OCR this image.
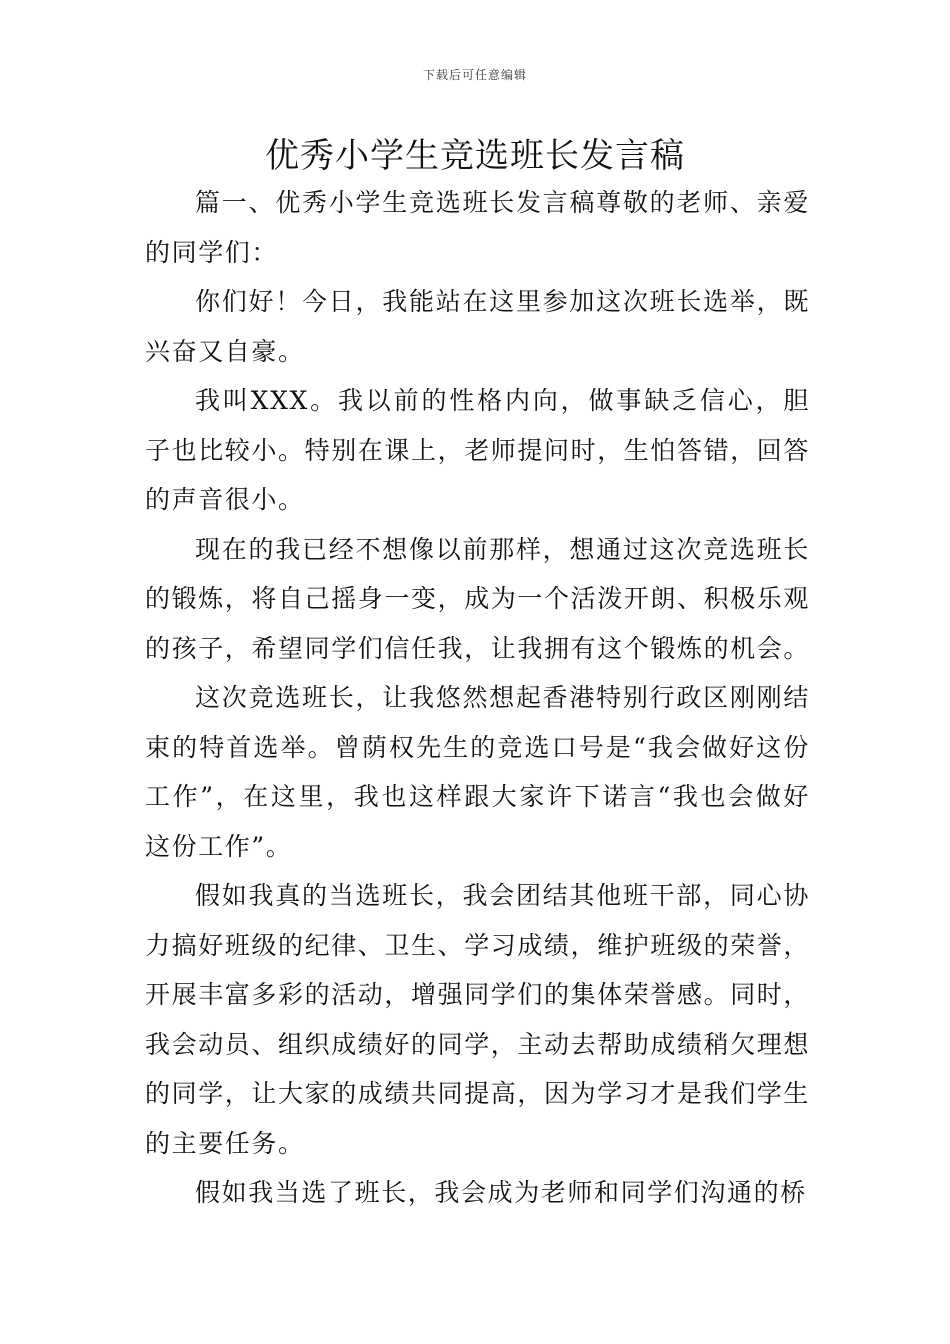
下载后可任意编辑
优秀小学生竞选班长发言稿

篇一、优秀小学生竞选班长发言稿尊敬的老师、亲爱的同学们：

你们好！今日，我能站在这里参加这次班长选举，既兴奋又自豪。

我叫XXX。我以前的性格内向，做事缺乏信心，胆子也比较小。特别在课上，老师提问时，生怕答错，回答的声音很小。

现在的我已经不想像以前那样，想通过这次竞选班长的锻炼，将自己摇身一变，成为一个活泼开朗、积极乐观的孩子，希望同学们信任我，让我拥有这个锻炼的机会。

这次竞选班长，让我悠然想起香港特别行政区刚刚结束的特首选举。曾荫权先生的竞选口号是“我会做好这份工作”，在这里，我也这样跟大家许下诺言“我也会做好这份工作”。

假如我真的当选班长，我会团结其他班干部，同心协力搞好班级的纪律、卫生、学习成绩，维护班级的荣誉，开展丰富多彩的活动，增强同学们的集体荣誉感。同时，我会动员、组织成绩好的同学，主动去帮助成绩稍欠理想的同学，让大家的成绩共同提高，因为学习才是我们学生的主要任务。

假如我当选了班长，我会成为老师和同学们沟通的桥
